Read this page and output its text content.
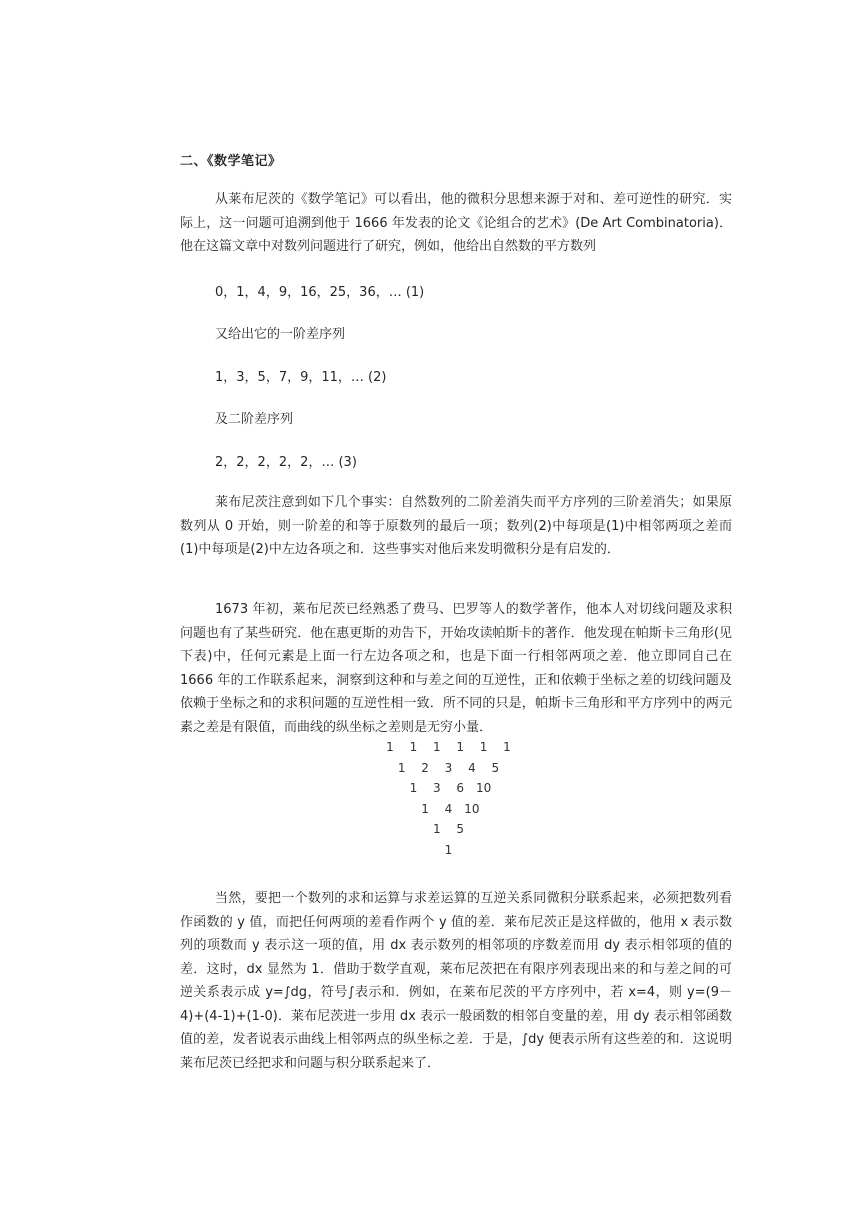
二、《数学笔记》

从莱布尼茨的《数学笔记》可以看出，他的微积分思想来源于对和、差可逆性的研究．实际上，这一问题可追溯到他于 1666 年发表的论文《论组合的艺术》(De Art Combinatoria)．他在这篇文章中对数列问题进行了研究，例如，他给出自然数的平方数列

0，1，4，9，16，25，36，… (1)
又给出它的一阶差序列
1，3，5，7，9，11，… (2)
及二阶差序列
2，2，2，2，2，… (3)

莱布尼茨注意到如下几个事实：自然数列的二阶差消失而平方序列的三阶差消失；如果原数列从 0 开始，则一阶差的和等于原数列的最后一项；数列(2)中每项是(1)中相邻两项之差而(1)中每项是(2)中左边各项之和．这些事实对他后来发明微积分是有启发的．

1673 年初，莱布尼茨已经熟悉了费马、巴罗等人的数学著作，他本人对切线问题及求积问题也有了某些研究．他在惠更斯的劝告下，开始攻读帕斯卡的著作．他发现在帕斯卡三角形(见下表)中，任何元素是上面一行左边各项之和，也是下面一行相邻两项之差．他立即同自己在 1666 年的工作联系起来，洞察到这种和与差之间的互逆性，正和依赖于坐标之差的切线问题及依赖于坐标之和的求积问题的互逆性相一致．所不同的只是，帕斯卡三角形和平方序列中的两元素之差是有限值，而曲线的纵坐标之差则是无穷小量．

1	1	1	1	1	1
1	2	3	4	5
1	3	6 10
1	4 10
1	5
1

当然，要把一个数列的求和运算与求差运算的互逆关系同微积分联系起来，必须把数列看作函数的 y 值，而把任何两项的差看作两个 y 值的差．莱布尼茨正是这样做的，他用 x 表示数列的项数而 y 表示这一项的值，用 dx 表示数列的相邻项的序数差而用 dy 表示相邻项的值的差．这时，dx 显然为 1．借助于数学直观，莱布尼茨把在有限序列表现出来的和与差之间的可逆关系表示成 y=∫dg，符号∫表示和．例如，在莱布尼茨的平方序列中，若 x=4，则 y=(9－4)+(4-1)+(1-0)．莱布尼茨进一步用 dx 表示一般函数的相邻自变量的差，用 dy 表示相邻函数值的差，发者说表示曲线上相邻两点的纵坐标之差．于是，∫dy 便表示所有这些差的和．这说明莱布尼茨已经把求和问题与积分联系起来了．
